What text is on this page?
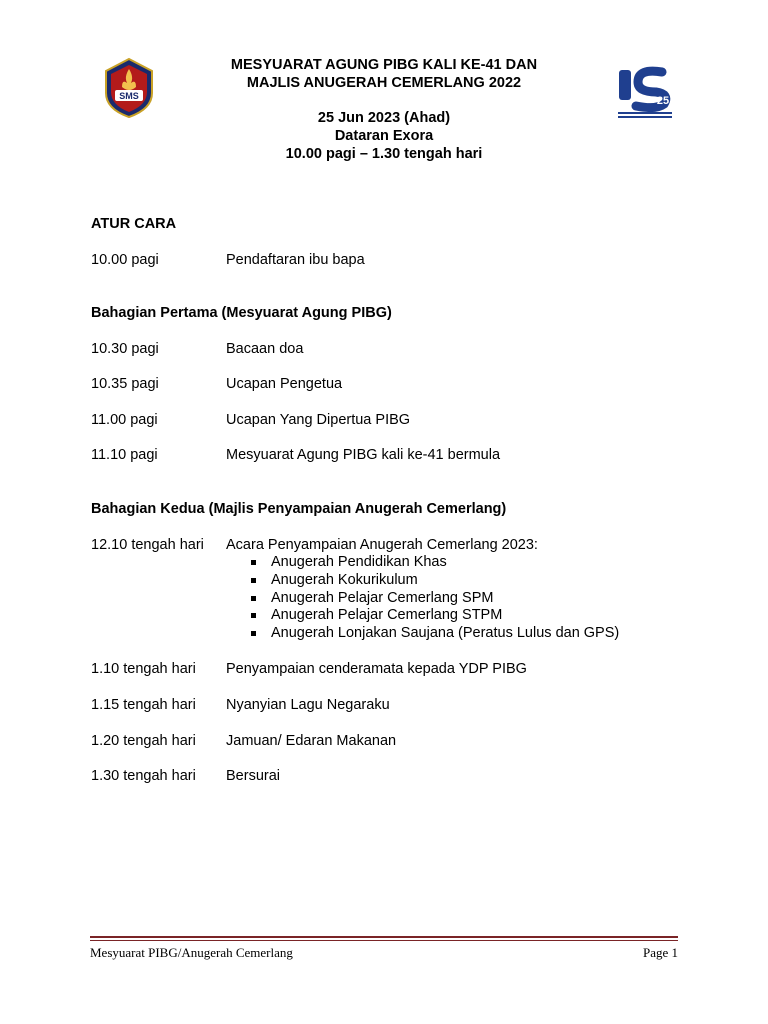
SMS	25
MESYUARAT AGUNG PIBG KALI KE-41 DAN
MAJLIS ANUGERAH CEMERLANG 2022
25 Jun 2023 (Ahad)
Dataran Exora
10.00 pagi – 1.30 tengah hari
ATUR CARA
10.00 pagi	Pendaftaran ibu bapa
Bahagian Pertama (Mesyuarat Agung PIBG)
10.30 pagi	Bacaan doa
10.35 pagi	Ucapan Pengetua
11.00 pagi	Ucapan Yang Dipertua PIBG
11.10 pagi	Mesyuarat Agung PIBG kali ke-41 bermula
Bahagian Kedua (Majlis Penyampaian Anugerah Cemerlang)
12.10 tengah hari Acara Penyampaian Anugerah Cemerlang 2023:
Anugerah Pendidikan Khas
Anugerah Kokurikulum
Anugerah Pelajar Cemerlang SPM
Anugerah Pelajar Cemerlang STPM
Anugerah Lonjakan Saujana (Peratus Lulus dan GPS)
1.10 tengah hari Penyampaian cenderamata kepada YDP PIBG
1.15 tengah hari Nyanyian Lagu Negaraku
1.20 tengah hari Jamuan/ Edaran Makanan
1.30 tengah hari Bersurai
Mesyuarat PIBG/Anugerah Cemerlang	Page 1
